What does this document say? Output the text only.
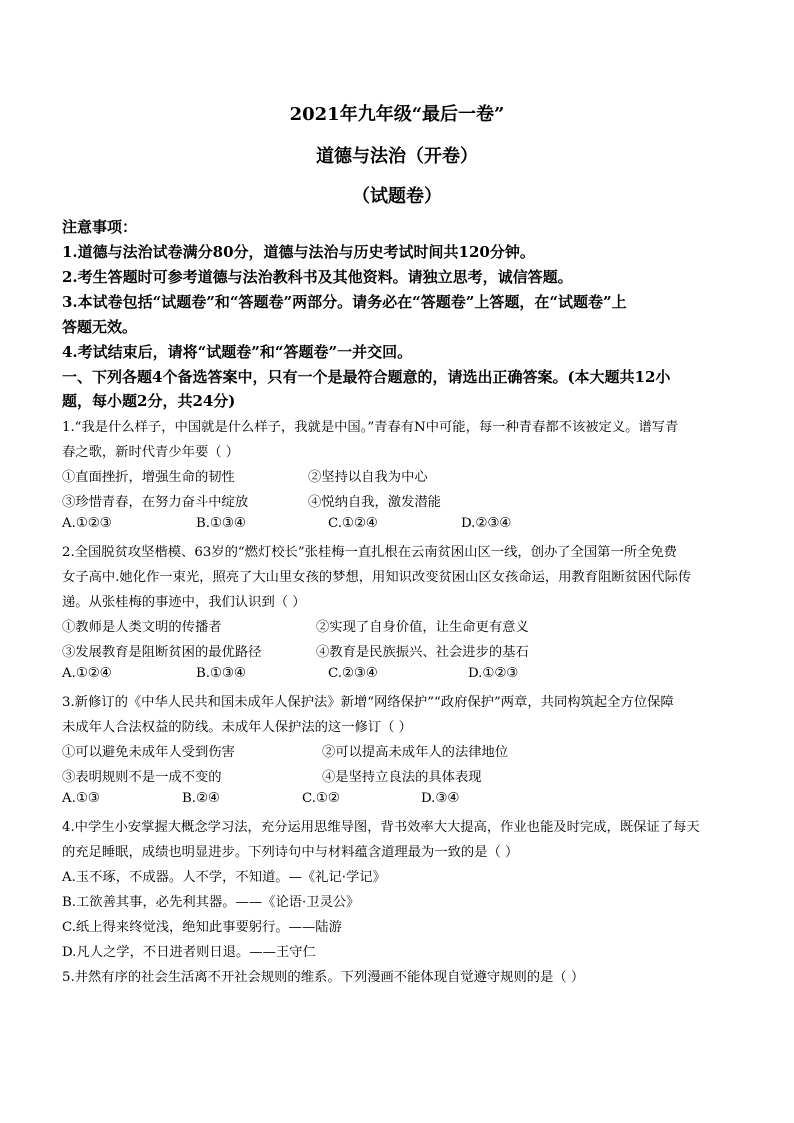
2021年九年级“最后一卷”
道德与法治（开卷）
（试题卷）
注意事项：
1.道德与法治试卷满分80分，道德与法治与历史考试时间共120分钟。
2.考生答题时可参考道德与法治教科书及其他资料。请独立思考，诚信答题。
3.本试卷包括“试题卷”和“答题卷”两部分。请务必在“答题卷”上答题，在“试题卷”上
答题无效。
4.考试结束后，请将“试题卷”和“答题卷”一并交回。
一、下列各题4个备选答案中，只有一个是最符合题意的，请选出正确答案。(本大题共12小
题，每小题2分，共24分)
1.“我是什么样子，中国就是什么样子，我就是中国。”青春有N中可能，每一种青春都不该被定义。谱写青
春之歌，新时代青少年要（ ）
①直面挫折，增强生命的韧性	②坚持以自我为中心
③珍惜青春，在努力奋斗中绽放	④悦纳自我，激发潜能
A.①②③	B.①③④	C.①②④	D.②③④
2.全国脱贫攻坚楷模、63岁的“燃灯校长”张桂梅一直扎根在云南贫困山区一线，创办了全国第一所全免费
女子高中.她化作一束光，照亮了大山里女孩的梦想，用知识改变贫困山区女孩命运，用教育阻断贫困代际传
递。从张桂梅的事迹中，我们认识到（ ）
①教师是人类文明的传播者	②实现了自身价值，让生命更有意义
③发展教育是阻断贫困的最优路径	④教育是民族振兴、社会进步的基石
A.①②④	B.①③④	C.②③④	D.①②③
3.新修订的《中华人民共和国未成年人保护法》新增“网络保护”“政府保护”两章，共同构筑起全方位保障
未成年人合法权益的防线。未成年人保护法的这一修订（ ）
①可以避免未成年人受到伤害	②可以提高未成年人的法律地位
③表明规则不是一成不变的	④是坚持立良法的具体表现
A.①③	B.②④	C.①②	D.③④
4.中学生小安掌握大概念学习法，充分运用思维导图，背书效率大大提高，作业也能及时完成，既保证了每天
的充足睡眠，成绩也明显进步。下列诗句中与材料蕴含道理最为一致的是（ ）
A.玉不琢，不成器。人不学，不知道。—《礼记·学记》
B.工欲善其事，必先利其器。——《论语·卫灵公》
C.纸上得来终觉浅，绝知此事要躬行。——陆游
D.凡人之学，不日进者则日退。——王守仁
5.井然有序的社会生活离不开社会规则的维系。下列漫画不能体现自觉遵守规则的是（ ）
